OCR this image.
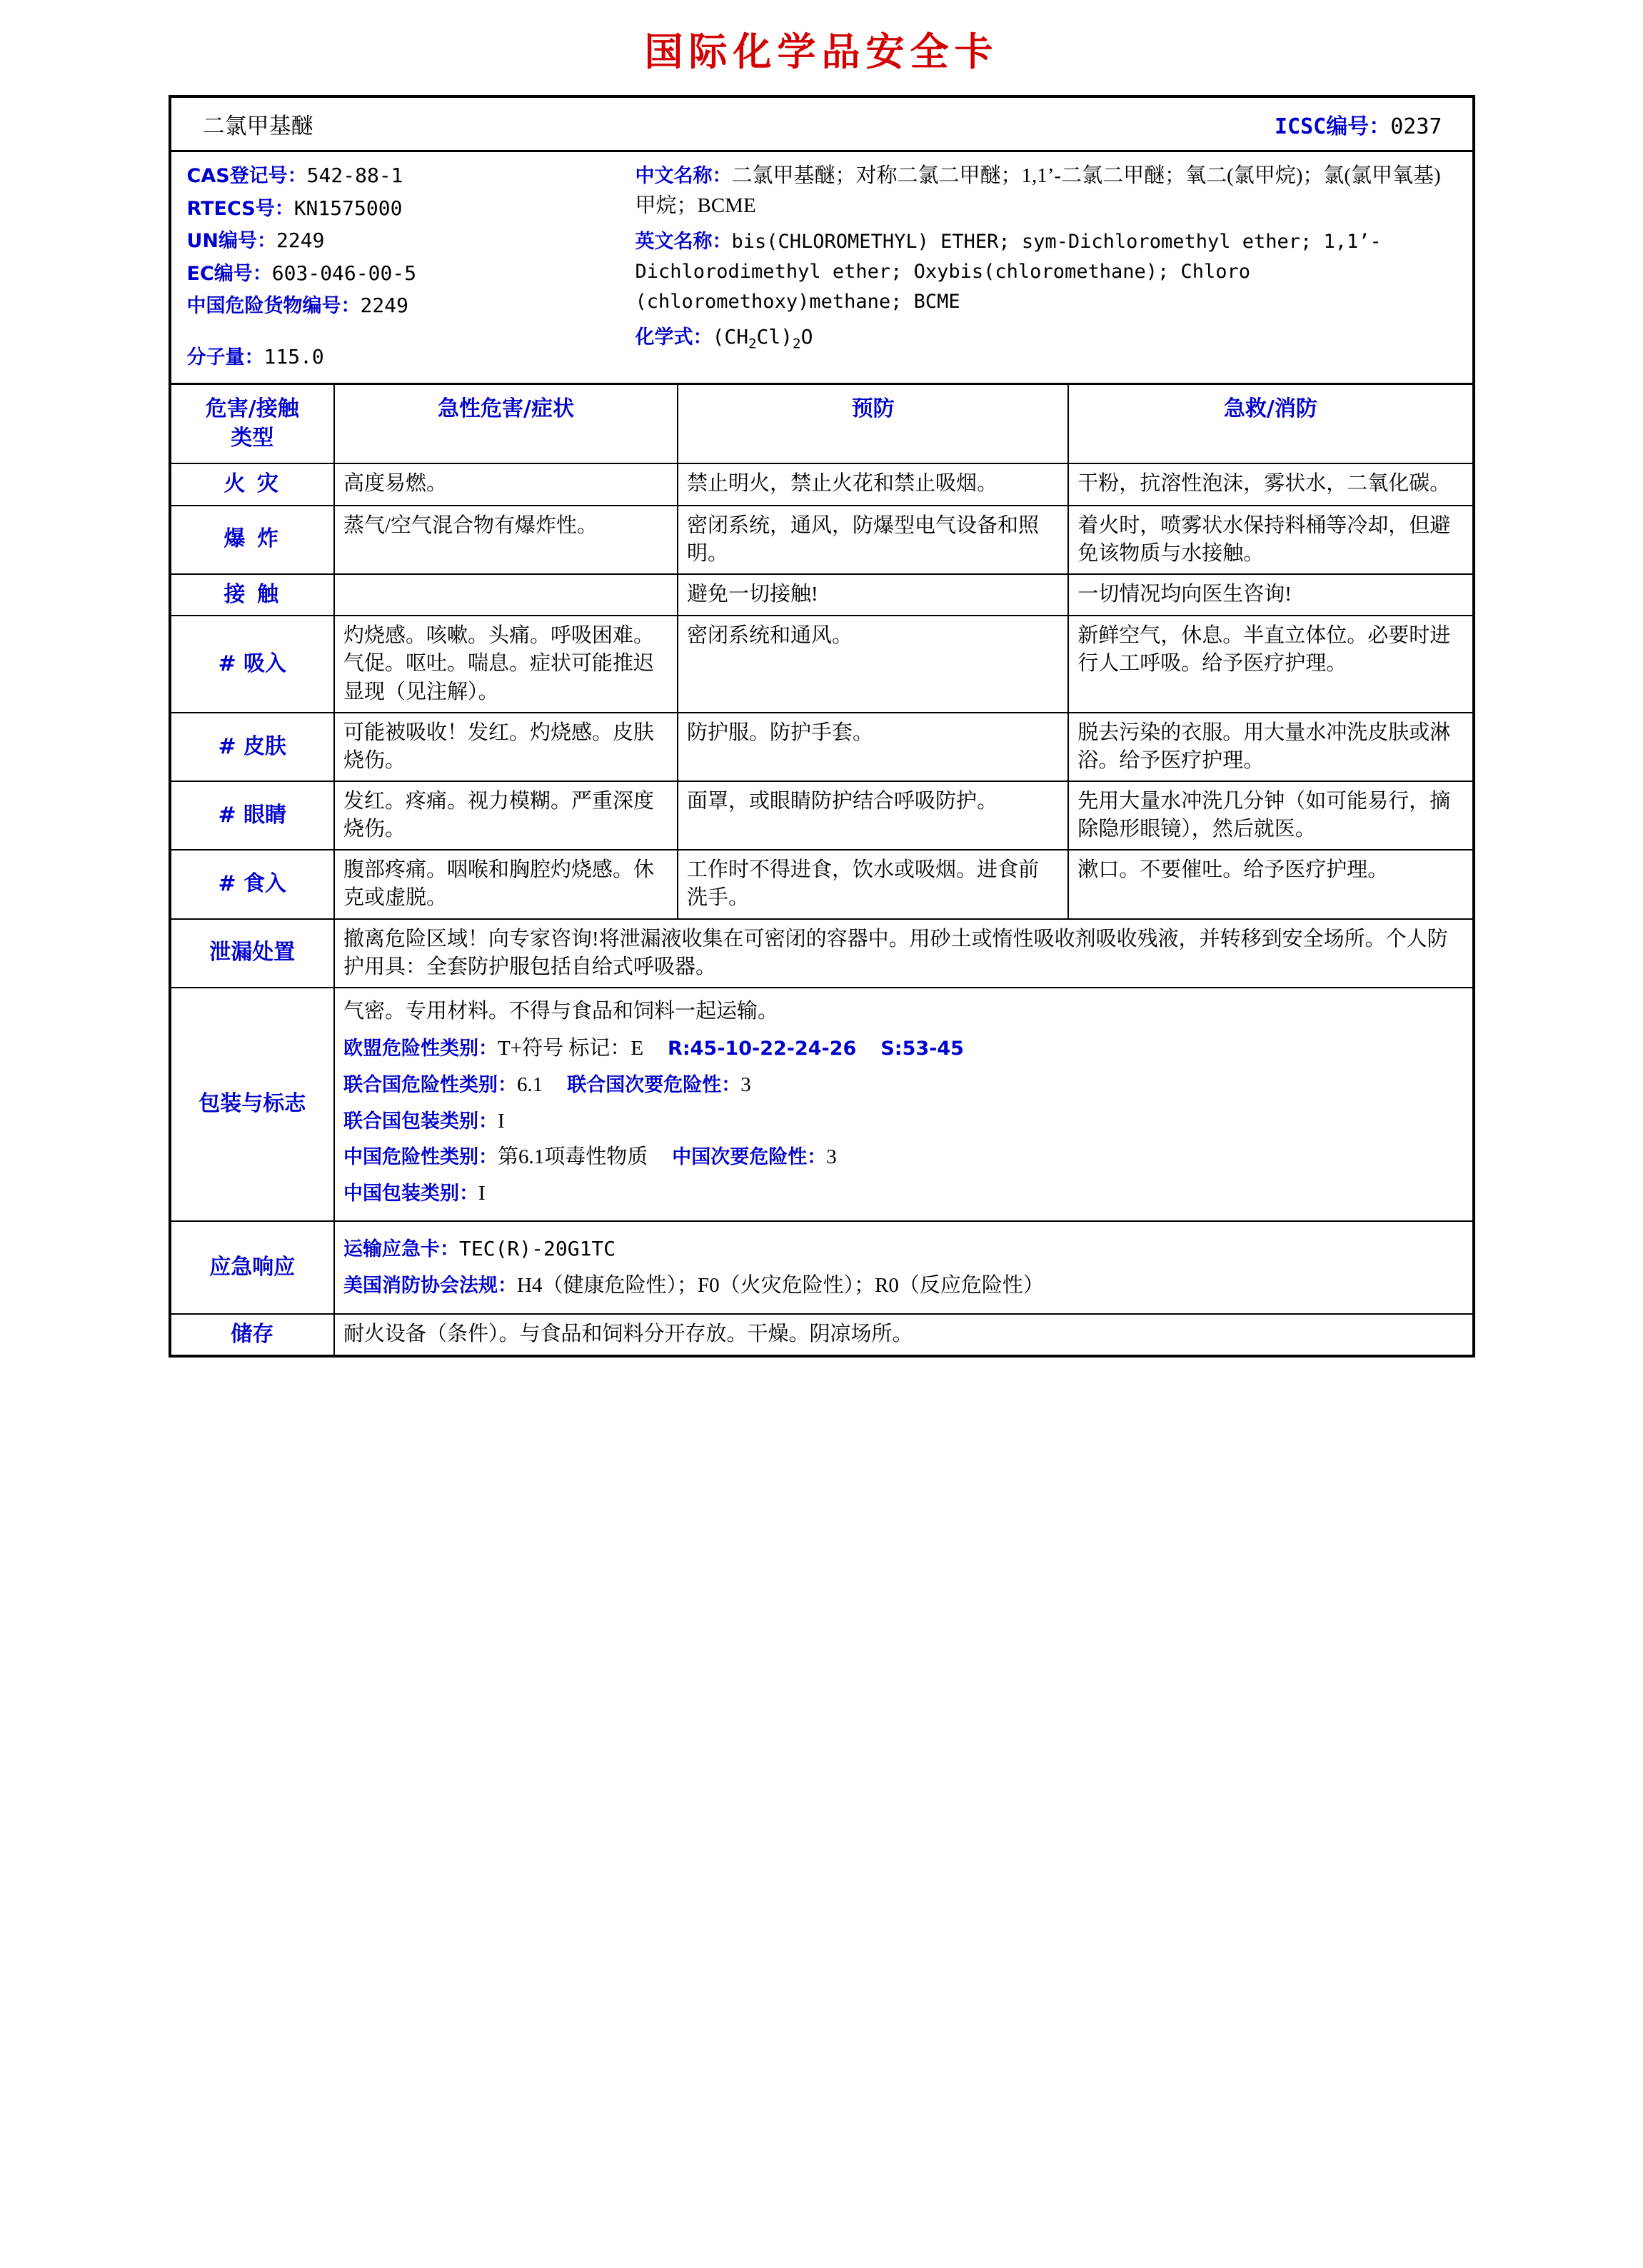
国际化学品安全卡
二氯甲基醚	ICSC编号：0237
CAS登记号：542-88-1
RTECS号：KN1575000
UN编号：2249
EC编号：603-046-00-5
中国危险货物编号：2249
分子量：115.0
中文名称：二氯甲基醚；对称二氯二甲醚；1,1’-二氯二甲醚；氧二(氯甲烷)；氯(氯甲氧基)甲烷；BCME
英文名称：bis(CHLOROMETHYL) ETHER; sym-Dichloromethyl ether; 1,1’-Dichlorodimethyl ether; Oxybis(chloromethane); Chloro (chloromethoxy)methane; BCME
化学式：$(CH_2Cl)_2O$
危害/接触
类型	急性危害/症状	预防	急救/消防
火 灾	高度易燃。	禁止明火，禁止火花和禁止吸烟。	干粉，抗溶性泡沫，雾状水，二氧化碳。
爆 炸	蒸气/空气混合物有爆炸性。	密闭系统，通风，防爆型电气设备和照明。	着火时，喷雾状水保持料桶等冷却，但避免该物质与水接触。
接 触		避免一切接触!	一切情况均向医生咨询!
# 吸入	灼烧感。咳嗽。头痛。呼吸困难。气促。呕吐。喘息。症状可能推迟显现（见注解）。	密闭系统和通风。	新鲜空气，休息。半直立体位。必要时进行人工呼吸。给予医疗护理。
# 皮肤	可能被吸收！发红。灼烧感。皮肤烧伤。	防护服。防护手套。	脱去污染的衣服。用大量水冲洗皮肤或淋浴。给予医疗护理。
# 眼睛	发红。疼痛。视力模糊。严重深度烧伤。	面罩，或眼睛防护结合呼吸防护。	先用大量水冲洗几分钟（如可能易行，摘除隐形眼镜），然后就医。
# 食入	腹部疼痛。咽喉和胸腔灼烧感。休克或虚脱。	工作时不得进食，饮水或吸烟。进食前洗手。	漱口。不要催吐。给予医疗护理。
泄漏处置	撤离危险区域！向专家咨询!将泄漏液收集在可密闭的容器中。用砂土或惰性吸收剂吸收残液，并转移到安全场所。个人防护用具：全套防护服包括自给式呼吸器。		
包装与标志	
气密。专用材料。不得与食品和饲料一起运输。
欧盟危险性类别：T+符号 标记：E R:45-10-22-24-26 S:53-45
联合国危险性类别：6.1 联合国次要危险性：3
联合国包装类别：I
中国危险性类别：第6.1项毒性物质 中国次要危险性：3
中国包装类别：I

应急响应	运输应急卡：TEC(R)-20G1TC
美国消防协会法规：H4（健康危险性）；F0（火灾危险性）；R0（反应危险性）		

储存	耐火设备（条件）。与食品和饲料分开存放。干燥。阴凉场所。		
